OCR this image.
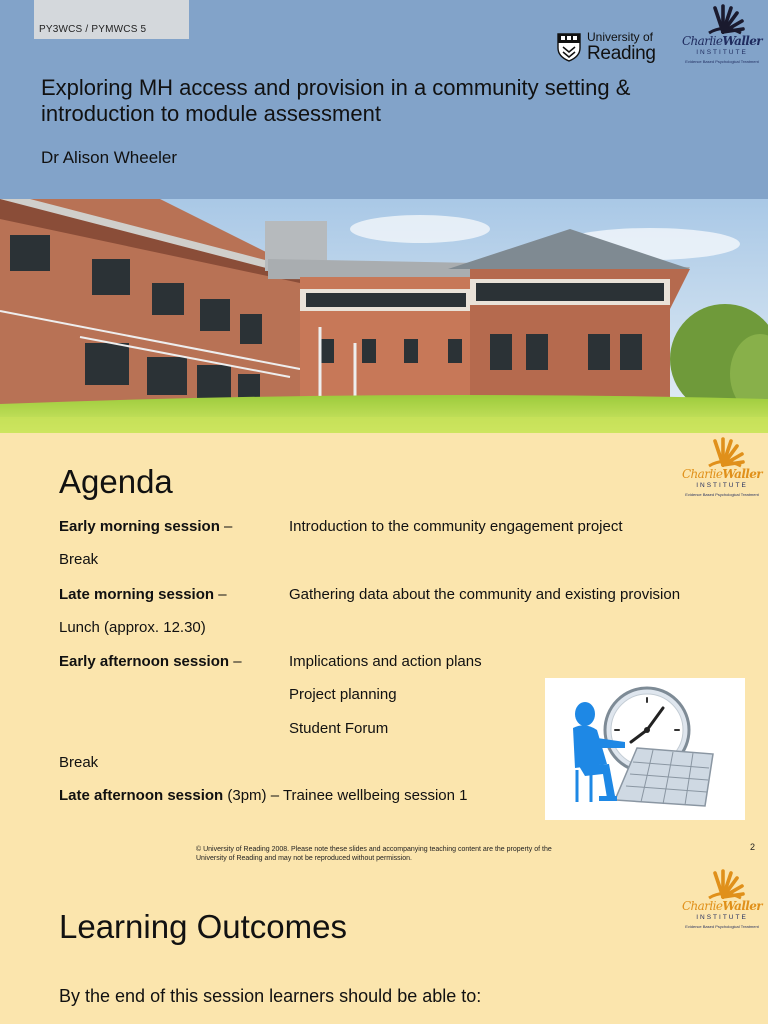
PY3WCS / PYMWCS 5
University of
Reading
CharlieWaller
INSTITUTE
Evidence Based Psychological Treatment
Exploring MH access and provision in a community setting & introduction to module assessment
Dr Alison Wheeler
Agenda	CharlieWaller
INSTITUTE
Evidence Based Psychological Treatment
Early morning session –	Introduction to the community engagement project
Break
Late morning session –	Gathering data about the community and existing provision
Lunch (approx. 12.30)
Early afternoon session –	Implications and action plans
Project planning
Student Forum
Break
Late afternoon session (3pm) – Trainee wellbeing session 1
© University of Reading 2008. Please note these slides and accompanying teaching content are the property of the University of Reading and may not be reproduced without permission.
2
CharlieWaller
INSTITUTE
Evidence Based Psychological Treatment
Learning Outcomes
By the end of this session learners should be able to:
